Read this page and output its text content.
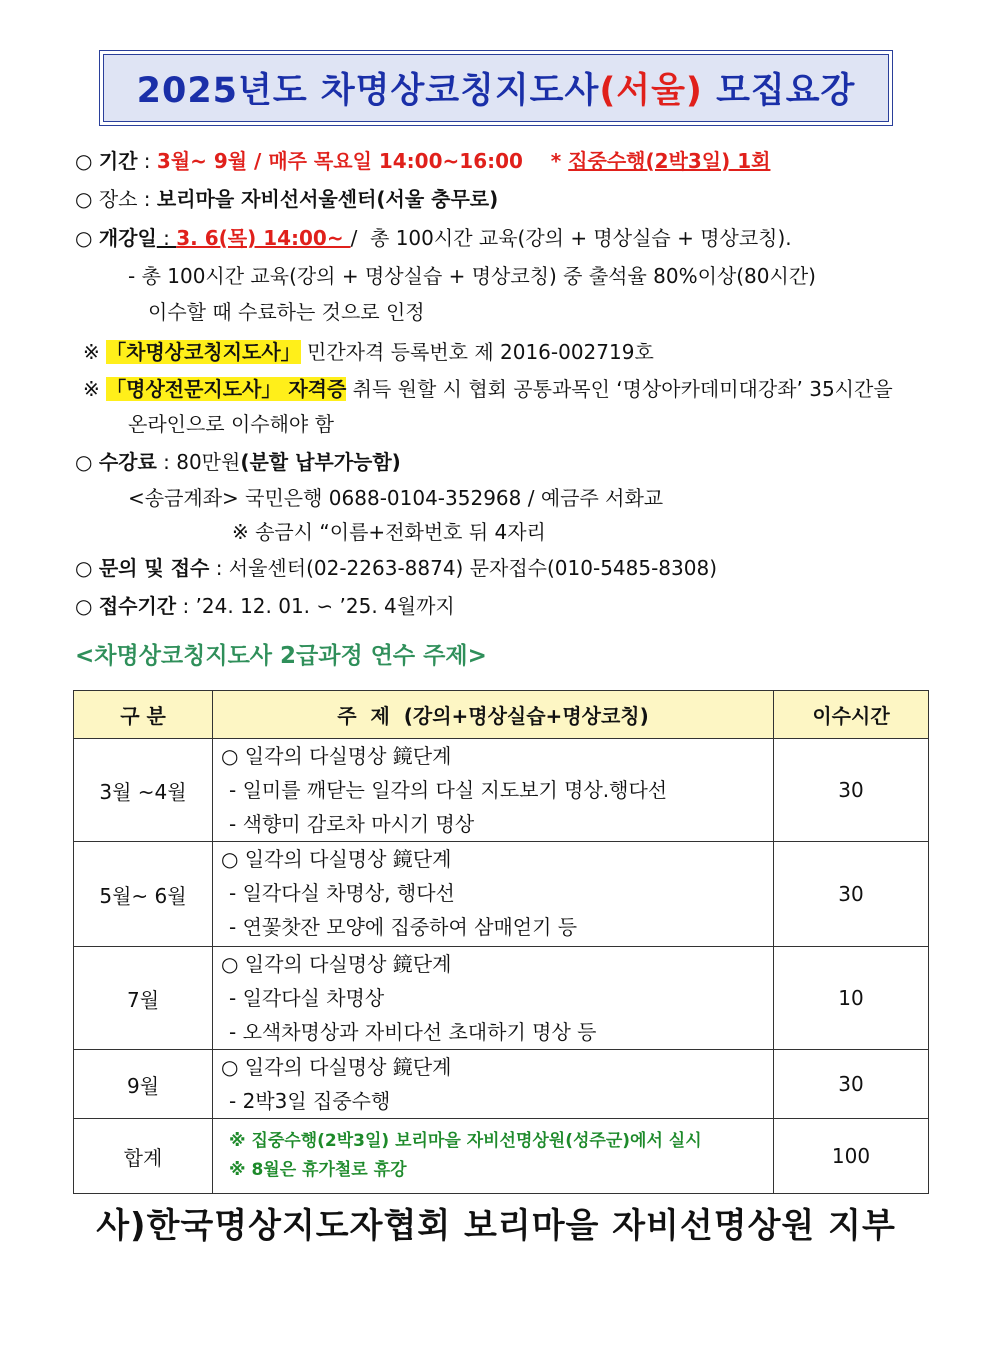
2025년도 차명상코칭지도사 (서울) 모집요강
○ 기간 : 3월~ 9월 / 매주 목요일 14:00~16:00    * 집중수행(2박3일) 1회
○ 장소 : 보리마을 자비선서울센터(서울 충무로)
○ 개강일 : 3. 6(목) 14:00~ /  총 100시간 교육(강의 + 명상실습 + 명상코칭).
- 총 100시간 교육(강의 + 명상실습 + 명상코칭) 중 출석율 80%이상(80시간)
이수할 때 수료하는 것으로 인정
※ 「차명상코칭지도사」 민간자격 등록번호 제 2016-002719호
※ 「명상전문지도사」 자격증 취득 원할 시 협회 공통과목인 ‘명상아카데미대강좌’ 35시간을
온라인으로 이수해야 함
○ 수강료 : 80만원(분할 납부가능함)
<송금계좌> 국민은행 0688-0104-352968 / 예금주 서화교
※ 송금시 “이름+전화번호 뒤 4자리
○ 문의 및 접수 : 서울센터(02-2263-8874) 문자접수(010-5485-8308)
○ 접수기간 : ’24. 12. 01. ∽ ’25. 4월까지
<차명상코칭지도사 2급과정 연수 주제>
구 분	주  제  (강의+명상실습+명상코칭)	이수시간
3월 ~4월	○ 일각의 다실명상 鏡단계
- 일미를 깨닫는 일각의 다실 지도보기 명상.행다선
- 색향미 감로차 마시기 명상	30
5월~ 6월	○ 일각의 다실명상 鏡단계
- 일각다실 차명상, 행다선
- 연꽃찻잔 모양에 집중하여 삼매얻기 등	30
7월	○ 일각의 다실명상 鏡단계
- 일각다실 차명상
- 오색차명상과 자비다선 초대하기 명상 등	10
9월	○ 일각의 다실명상 鏡단계
- 2박3일 집중수행	30
합계	※ 집중수행(2박3일) 보리마을 자비선명상원(성주군)에서 실시
※ 8월은 휴가철로 휴강	100
사)한국명상지도자협회 보리마을 자비선명상원 지부
